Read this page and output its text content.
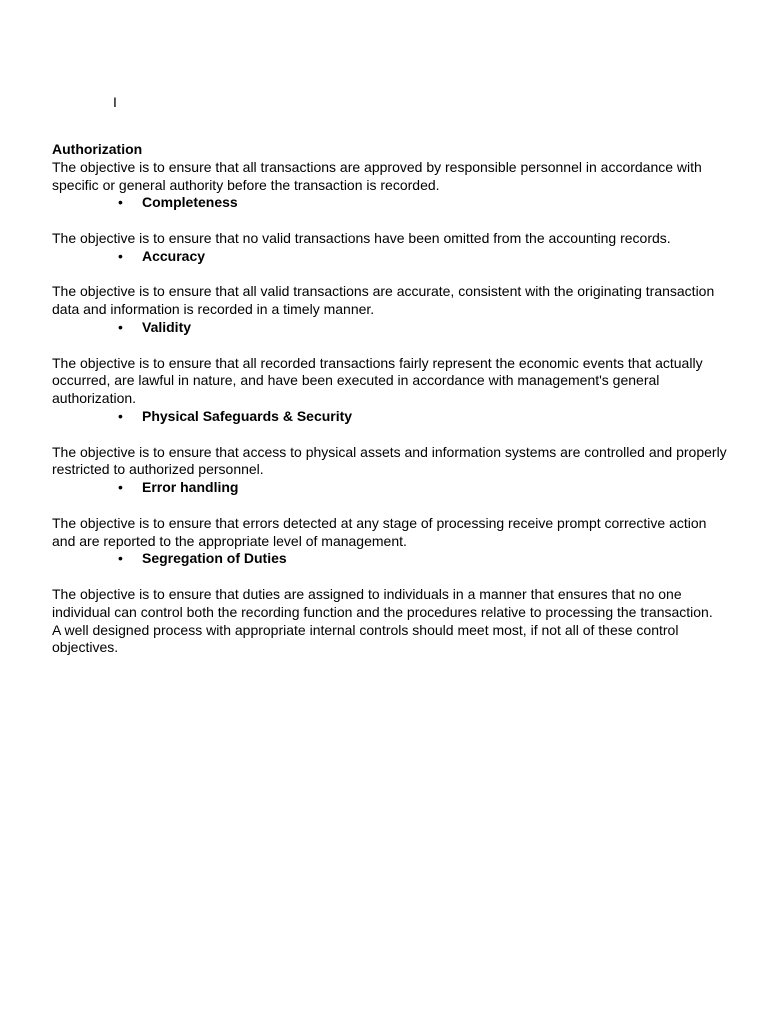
I

Authorization

The objective is to ensure that all transactions are approved by responsible personnel in accordance with specific or general authority before the transaction is recorded.

• Completeness

The objective is to ensure that no valid transactions have been omitted from the accounting records.

• Accuracy

The objective is to ensure that all valid transactions are accurate, consistent with the originating transaction data and information is recorded in a timely manner.

• Validity

The objective is to ensure that all recorded transactions fairly represent the economic events that actually occurred, are lawful in nature, and have been executed in accordance with management's general authorization.

• Physical Safeguards & Security

The objective is to ensure that access to physical assets and information systems are controlled and properly restricted to authorized personnel.

• Error handling

The objective is to ensure that errors detected at any stage of processing receive prompt corrective action and are reported to the appropriate level of management.

• Segregation of Duties

The objective is to ensure that duties are assigned to individuals in a manner that ensures that no one individual can control both the recording function and the procedures relative to processing the transaction.

A well designed process with appropriate internal controls should meet most, if not all of these control objectives.
